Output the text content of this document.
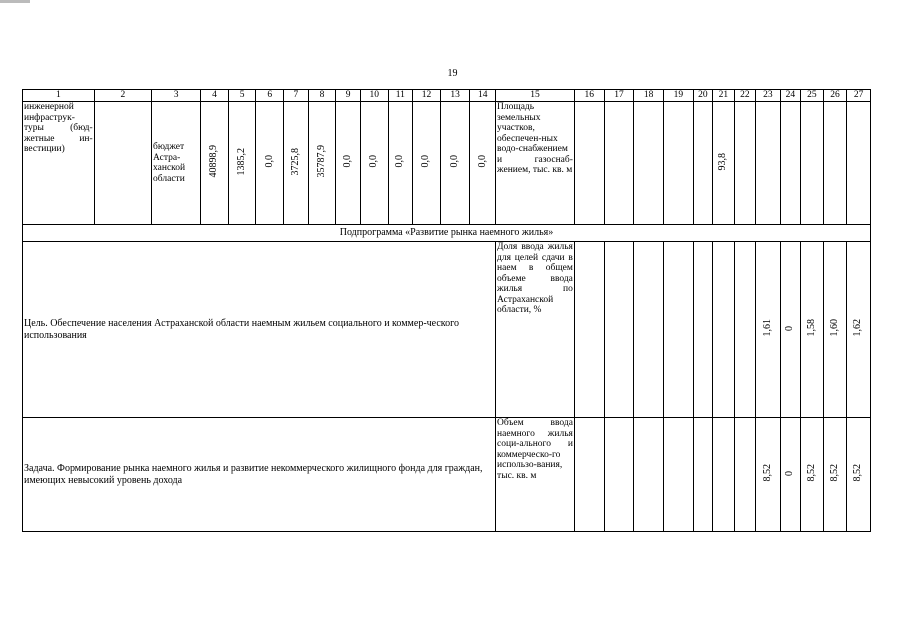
19
1	2	3	4	5	6	7	8	9	10	11	12	13	14	15	16	17	18	19	20	21	22	23	24	25	26	27
инженерной инфраструк-туры (бюд-жетные ин-вестиции)		бюджет Астра-ханской области	40898,9	1385,2	0,0	3725,8	35787,9	0,0	0,0	0,0	0,0	0,0	0,0	Площадь земельных участков, обеспечен-ных водо-снабжением и газоснаб-жением, тыс. кв. м						93,8						
Подпрограмма «Развитие рынка наемного жилья»																										
Цель. Обеспечение населения Астраханской области наемным жильем социального и коммер-ческого использования														Доля ввода жилья для целей сдачи в наем в общем объеме ввода жилья по Астраханской области, %								1,61	0	1,58	1,60	1,62
Задача. Формирование рынка наемного жилья и развитие некоммерческого жилищного фонда для граждан, имеющих невысокий уровень дохода														Объем ввода наемного жилья соци-ального и коммерческо-го использо-вания, тыс. кв. м								8,52	0	8,52	8,52	8,52
